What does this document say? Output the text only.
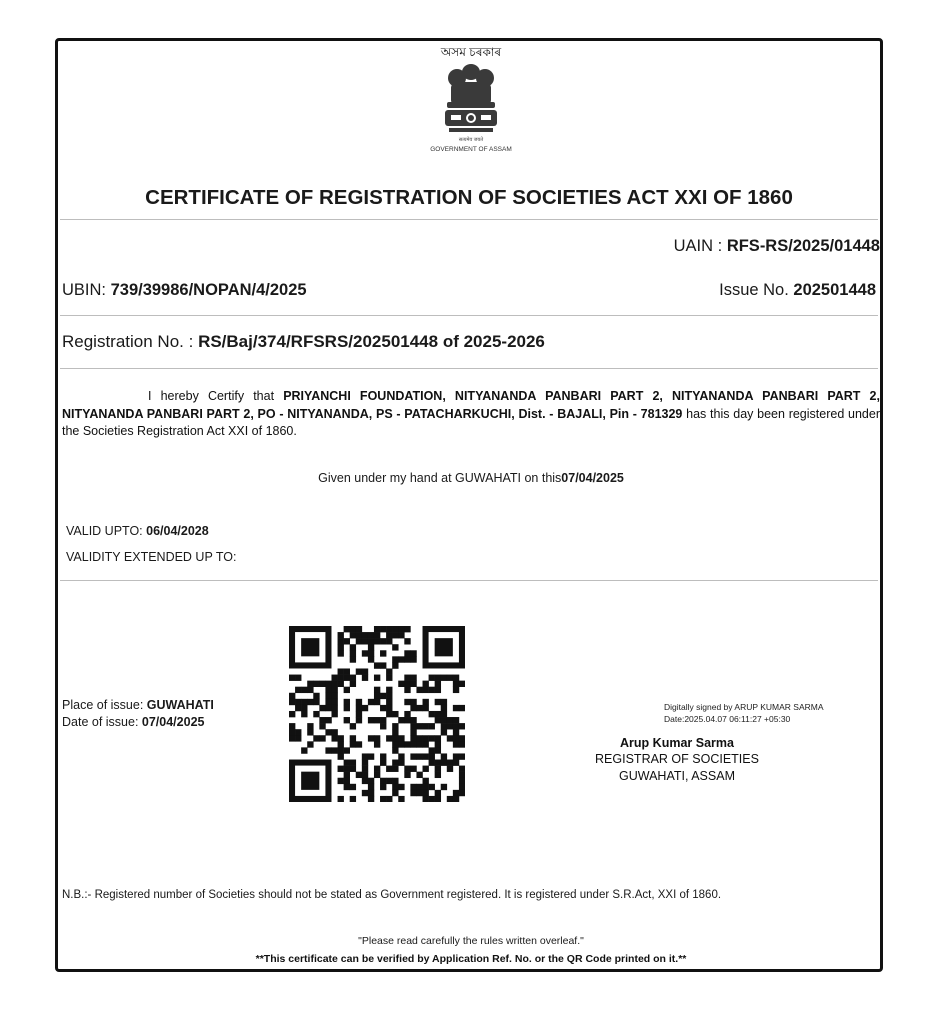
অসম চৰকাৰ
सत्यमेव जयते
GOVERNMENT OF ASSAM
CERTIFICATE OF REGISTRATION OF SOCIETIES ACT XXI OF 1860
UAIN : RFS-RS/2025/01448
UBIN: 739/39986/NOPAN/4/2025	Issue No. 202501448
Registration No. : RS/Baj/374/RFSRS/202501448 of 2025-2026
I hereby Certify that PRIYANCHI FOUNDATION, NITYANANDA PANBARI PART 2, NITYANANDA PANBARI PART 2, NITYANANDA PANBARI PART 2, PO - NITYANANDA, PS - PATACHARKUCHI, Dist. - BAJALI, Pin - 781329 has this day been registered under the Societies Registration Act XXI of 1860.
Given under my hand at GUWAHATI on this07/04/2025
VALID UPTO: 06/04/2028
VALIDITY EXTENDED UP TO:
Place of issue: GUWAHATI
Date of issue: 07/04/2025
Digitally signed by ARUP KUMAR SARMA
Date:2025.04.07 06:11:27 +05:30
Arup Kumar Sarma
REGISTRAR OF SOCIETIES
GUWAHATI, ASSAM
N.B.:- Registered number of Societies should not be stated as Government registered. It is registered under S.R.Act, XXI of 1860.
"Please read carefully the rules written overleaf."
**This certificate can be verified by Application Ref. No. or the QR Code printed on it.**
